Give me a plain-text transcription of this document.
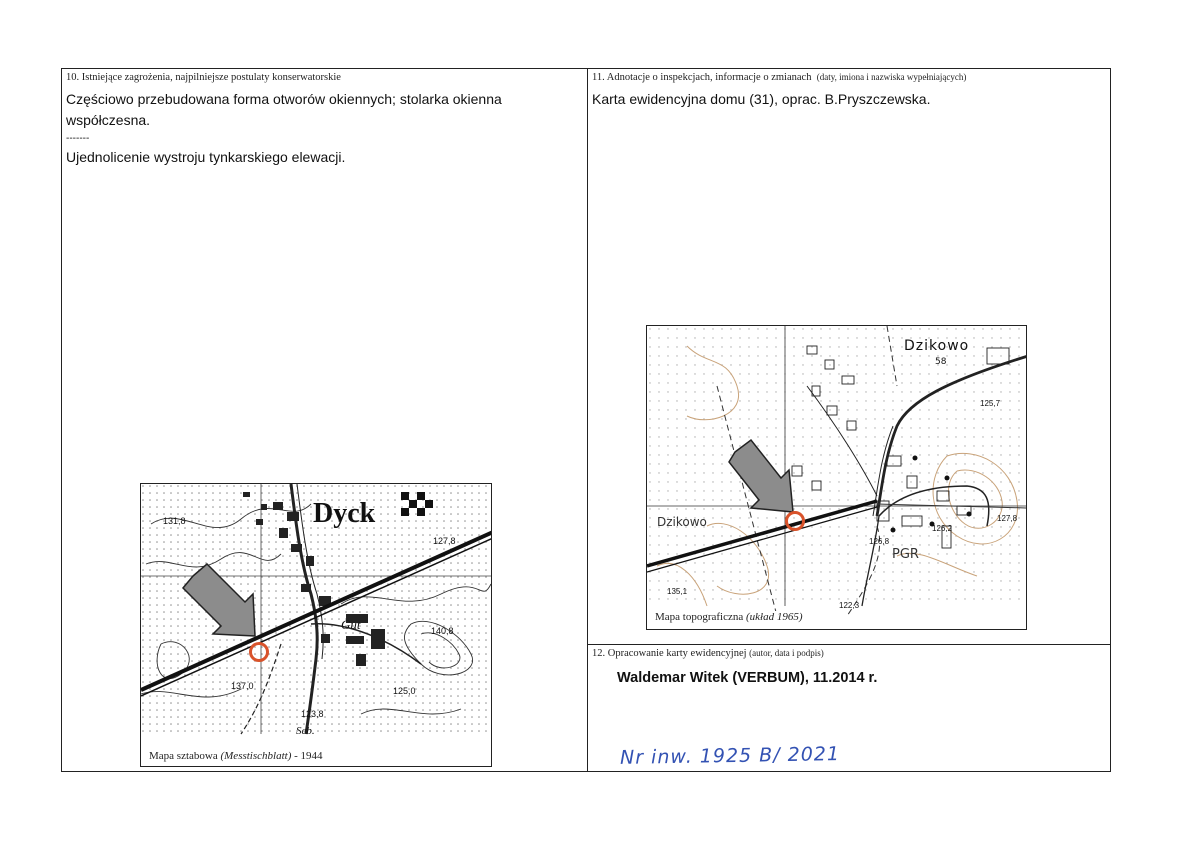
10. Istniejące zagrożenia, najpilniejsze postulaty konserwatorskie

Częściowo przebudowana forma otworów okiennych; stolarka okienna współczesna.

-------

Ujednolicenie wystroju tynkarskiego elewacji.

Dyck
Gut
Scb.
131,8
127,8
140,8
137,0	125,0
123,8
Mapa sztabowa (Messtischblatt) - 1944
11. Adnotacje o inspekcjach, informacje o zmianach (daty, imiona i nazwiska wypełniających)
Karta ewidencyjna domu (31), oprac. B.Pryszczewska.
Dzikowo
58
Dzikowo
PGR
125,7
127,8
126,2
126,8
135,1
122,3
Mapa topograficzna (układ 1965)
12. Opracowanie karty ewidencyjnej (autor, data i podpis)
Waldemar Witek (VERBUM), 11.2014 r.
Nr inw. 1925 B/ 2021
